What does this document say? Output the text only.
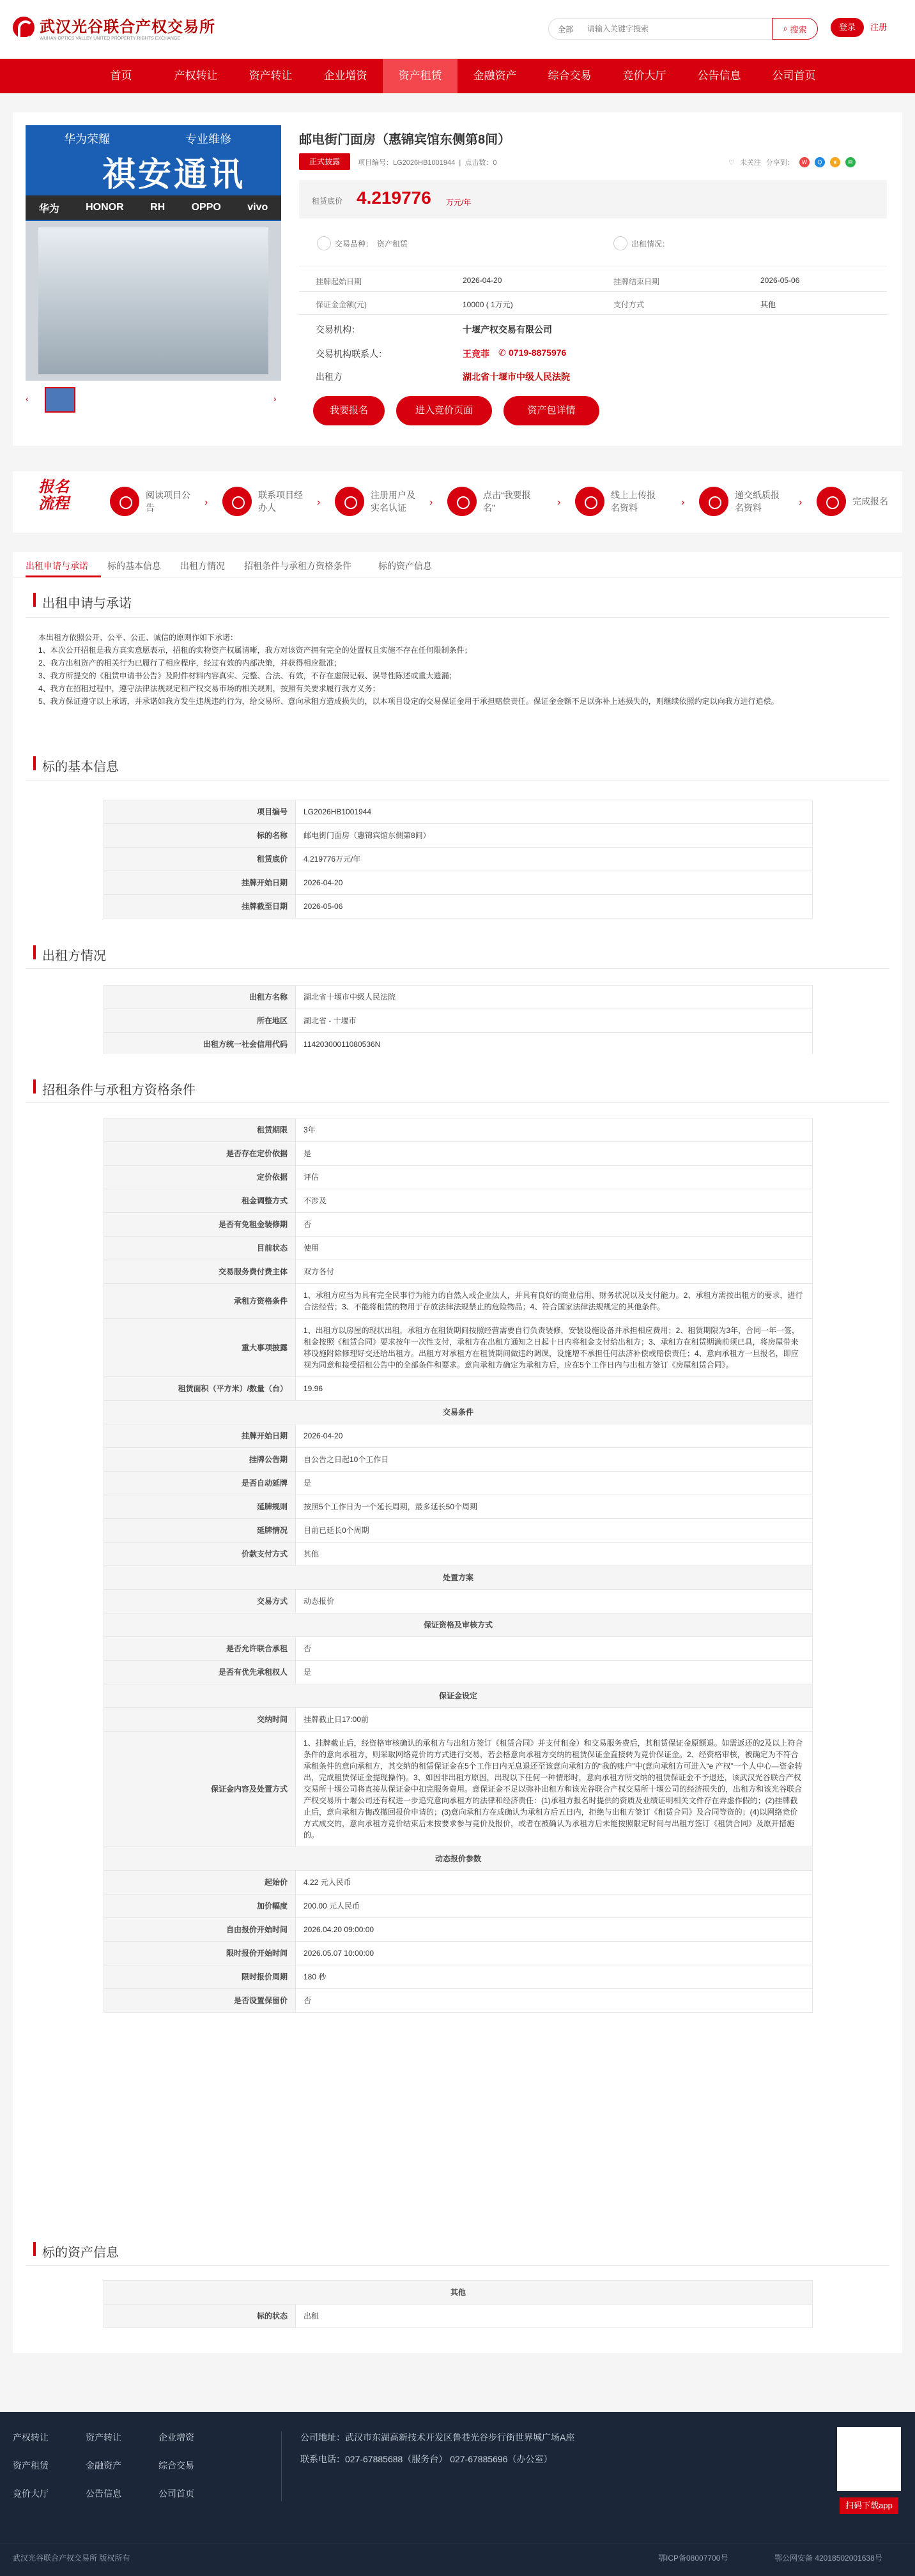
武汉光谷联合产权交易所
WUHAN OPTICS VALLEY UNITED PROPERTY RIGHTS EXCHANGE
全部
请输入关键字搜索	⌕ 搜索	登录	注册
首页	产权转让	资产转让	企业增资	资产租赁	金融资产	综合交易	竞价大厅	公告信息	公司首页
华为荣耀	专业维修
祺安通讯
华为	HONOR	RH	OPPO	vivo
‹	›
邮电街门面房（惠锦宾馆东侧第8间）
正式披露	项目编号：LG2026HB1001944  |  点击数：0	♡ 未关注 分享到：	W	Q	★	✉
租赁底价 4.219776 万元/年
交易品种： 资产租赁	出租情况：
挂牌起始日期	2026-04-20	挂牌结束日期	2026-05-06
保证金金额(元)	10000 ( 1万元)	支付方式	其他
交易机构：	十堰产权交易有限公司
交易机构联系人：	王竞菲 ✆ 0719-8875976
出租方	湖北省十堰市中级人民法院
我要报名	进入竞价页面	资产包详情
报名
流程	阅读项目公告	›
联系项目经办人	›
注册用户及实名认证	›
点击“我要报名”	›
线上上传报名资料	›
递交纸质报名资料	›	完成报名
出租申请与承诺 标的基本信息 出租方情况 招租条件与承租方资格条件	标的资产信息
出租申请与承诺

本出租方依照公开、公平、公正、诚信的原则作如下承诺：

1、本次公开招租是我方真实意愿表示，招租的实物资产权属清晰，我方对该资产拥有完全的处置权且实施不存在任何限制条件；

2、我方出租资产的相关行为已履行了相应程序，经过有效的内部决策，并获得相应批准；

3、我方所提交的《租赁申请书公告》及附件材料内容真实、完整、合法、有效，不存在虚假记载、误导性陈述或重大遗漏；

4、我方在招租过程中，遵守法律法规规定和产权交易市场的相关规则，按照有关要求履行我方义务；

5、我方保证遵守以上承诺，并承诺如我方发生违规违约行为，给交易所、意向承租方造成损失的，以本项目设定的交易保证金用于承担赔偿责任。保证金金额不足以弥补上述损失的，则继续依照约定以向我方进行追偿。

标的基本信息
项目编号	LG2026HB1001944
标的名称	邮电街门面房（惠锦宾馆东侧第8间）
租赁底价	4.219776万元/年
挂牌开始日期	2026-04-20
挂牌截至日期	2026-05-06
出租方情况
出租方名称	湖北省十堰市中级人民法院
所在地区	湖北省 - 十堰市
出租方统一社会信用代码	11420300011080536N
招租条件与承租方资格条件
租赁期限	3年
是否存在定价依据	是
定价依据	评估
租金调整方式	不涉及
是否有免租金装修期	否
目前状态	使用
交易服务费付费主体	双方各付
承租方资格条件	1、承租方应当为具有完全民事行为能力的自然人或企业法人，并具有良好的商业信用、财务状况以及支付能力。2、承租方需按出租方的要求，进行合法经营；3、不能将租赁的物用于存放法律法规禁止的危险物品；4、符合国家法律法规规定的其他条件。
重大事项披露	1、出租方以房屋的现状出租，承租方在租赁期间按照经营需要自行负责装修，安装设施设备并承担相应费用；2、租赁期限为3年，合同一年一签，租金按照《租赁合同》要求按年一次性支付，承租方在出租方通知之日起十日内将租金支付给出租方；3、承租方在租赁期满前须已具，将房屋带来移设施附除修理好交还给出租方。出租方对承租方在租赁期间做违约调课，设施增不承担任何法济补偿或赔偿责任；4、意向承租方一旦报名，即应视为同意和接受招租公告中的全部条件和要求。意向承租方确定为承租方后，应在5个工作日内与出租方签订《房屋租赁合同》。
租赁面积（平方米）/数量（台）	19.96
交易条件	
挂牌开始日期	2026-04-20
挂牌公告期	自公告之日起10个工作日
是否自动延牌	是
延牌规则	按照5个工作日为一个延长周期，最多延长50个周期
延牌情况	目前已延长0个周期
价款支付方式	其他
处置方案	
交易方式	动态报价
保证资格及审核方式	
是否允许联合承租	否
是否有优先承租权人	是
保证金设定	
交纳时间	挂牌截止日17:00前
保证金内容及处置方式	1、挂牌截止后，经资格审核确认的承租方与出租方签订《租赁合同》并支付租金）和交易服务费后，其租赁保证金原额退。如需返还的2及以上符合条件的意向承租方，则采取网络竞价的方式进行交易，若会格意向承租方交纳的租赁保证金直接转为竞价保证金。2、经资格审核，被确定为不符合承租条件的意向承租方，其交纳的租赁保证金在5个工作日内无息退还至该意向承租方的“我的账户”中(意向承租方可进入“e 产权”一个人中心—资金转出，完成租赁保证金提现操作)。3、如因非出租方原因，出现以下任何一种情形时，意向承租方所交纳的租赁保证金不予退还，该武汉光谷联合产权交易所十堰公司将直接从保证金中扣完服务费用。意保证金不足以弥补出租方和该光谷联合产权交易所十堰公司的经济损失的，出租方和该光谷联合产权交易所十堰公司还有权进一步追究意向承租方的法律和经济责任：(1)承租方报名时提供的资质及业绩证明相关文件存在弄虚作假的；(2)挂牌截止后，意向承租方悔改撤回报价申请的；(3)意向承租方在成确认为承租方后五日内，拒绝与出租方签订《租赁合同》及合同等资的；(4)以网络竞价方式成交的，意向承租方竞价结束后未按要求参与竞价及报价，或者在被确认为承租方后未能按照限定时间与出租方签订《租赁合同》及原开措施的。
动态报价参数	
起始价	4.22 元人民币
加价幅度	200.00 元人民币
自由报价开始时间	2026.04.20 09:00:00
限时报价开始时间	2026.05.07 10:00:00
限时报价周期	180 秒
是否设置保留价	否
标的资产信息
其他
标的状态	出租
产权转让	资产转让	企业增资
资产租赁	金融资产	综合交易
竞价大厅	公告信息	公司首页
公司地址：武汉市东湖高新技术开发区鲁巷光谷步行街世界城广场A座
联系电话：027-67885688（服务台） 027-67885696（办公室）
扫码下载app
武汉光谷联合产权交易所 版权所有	鄂ICP备08007700号	鄂公网安备 42018502001638号
